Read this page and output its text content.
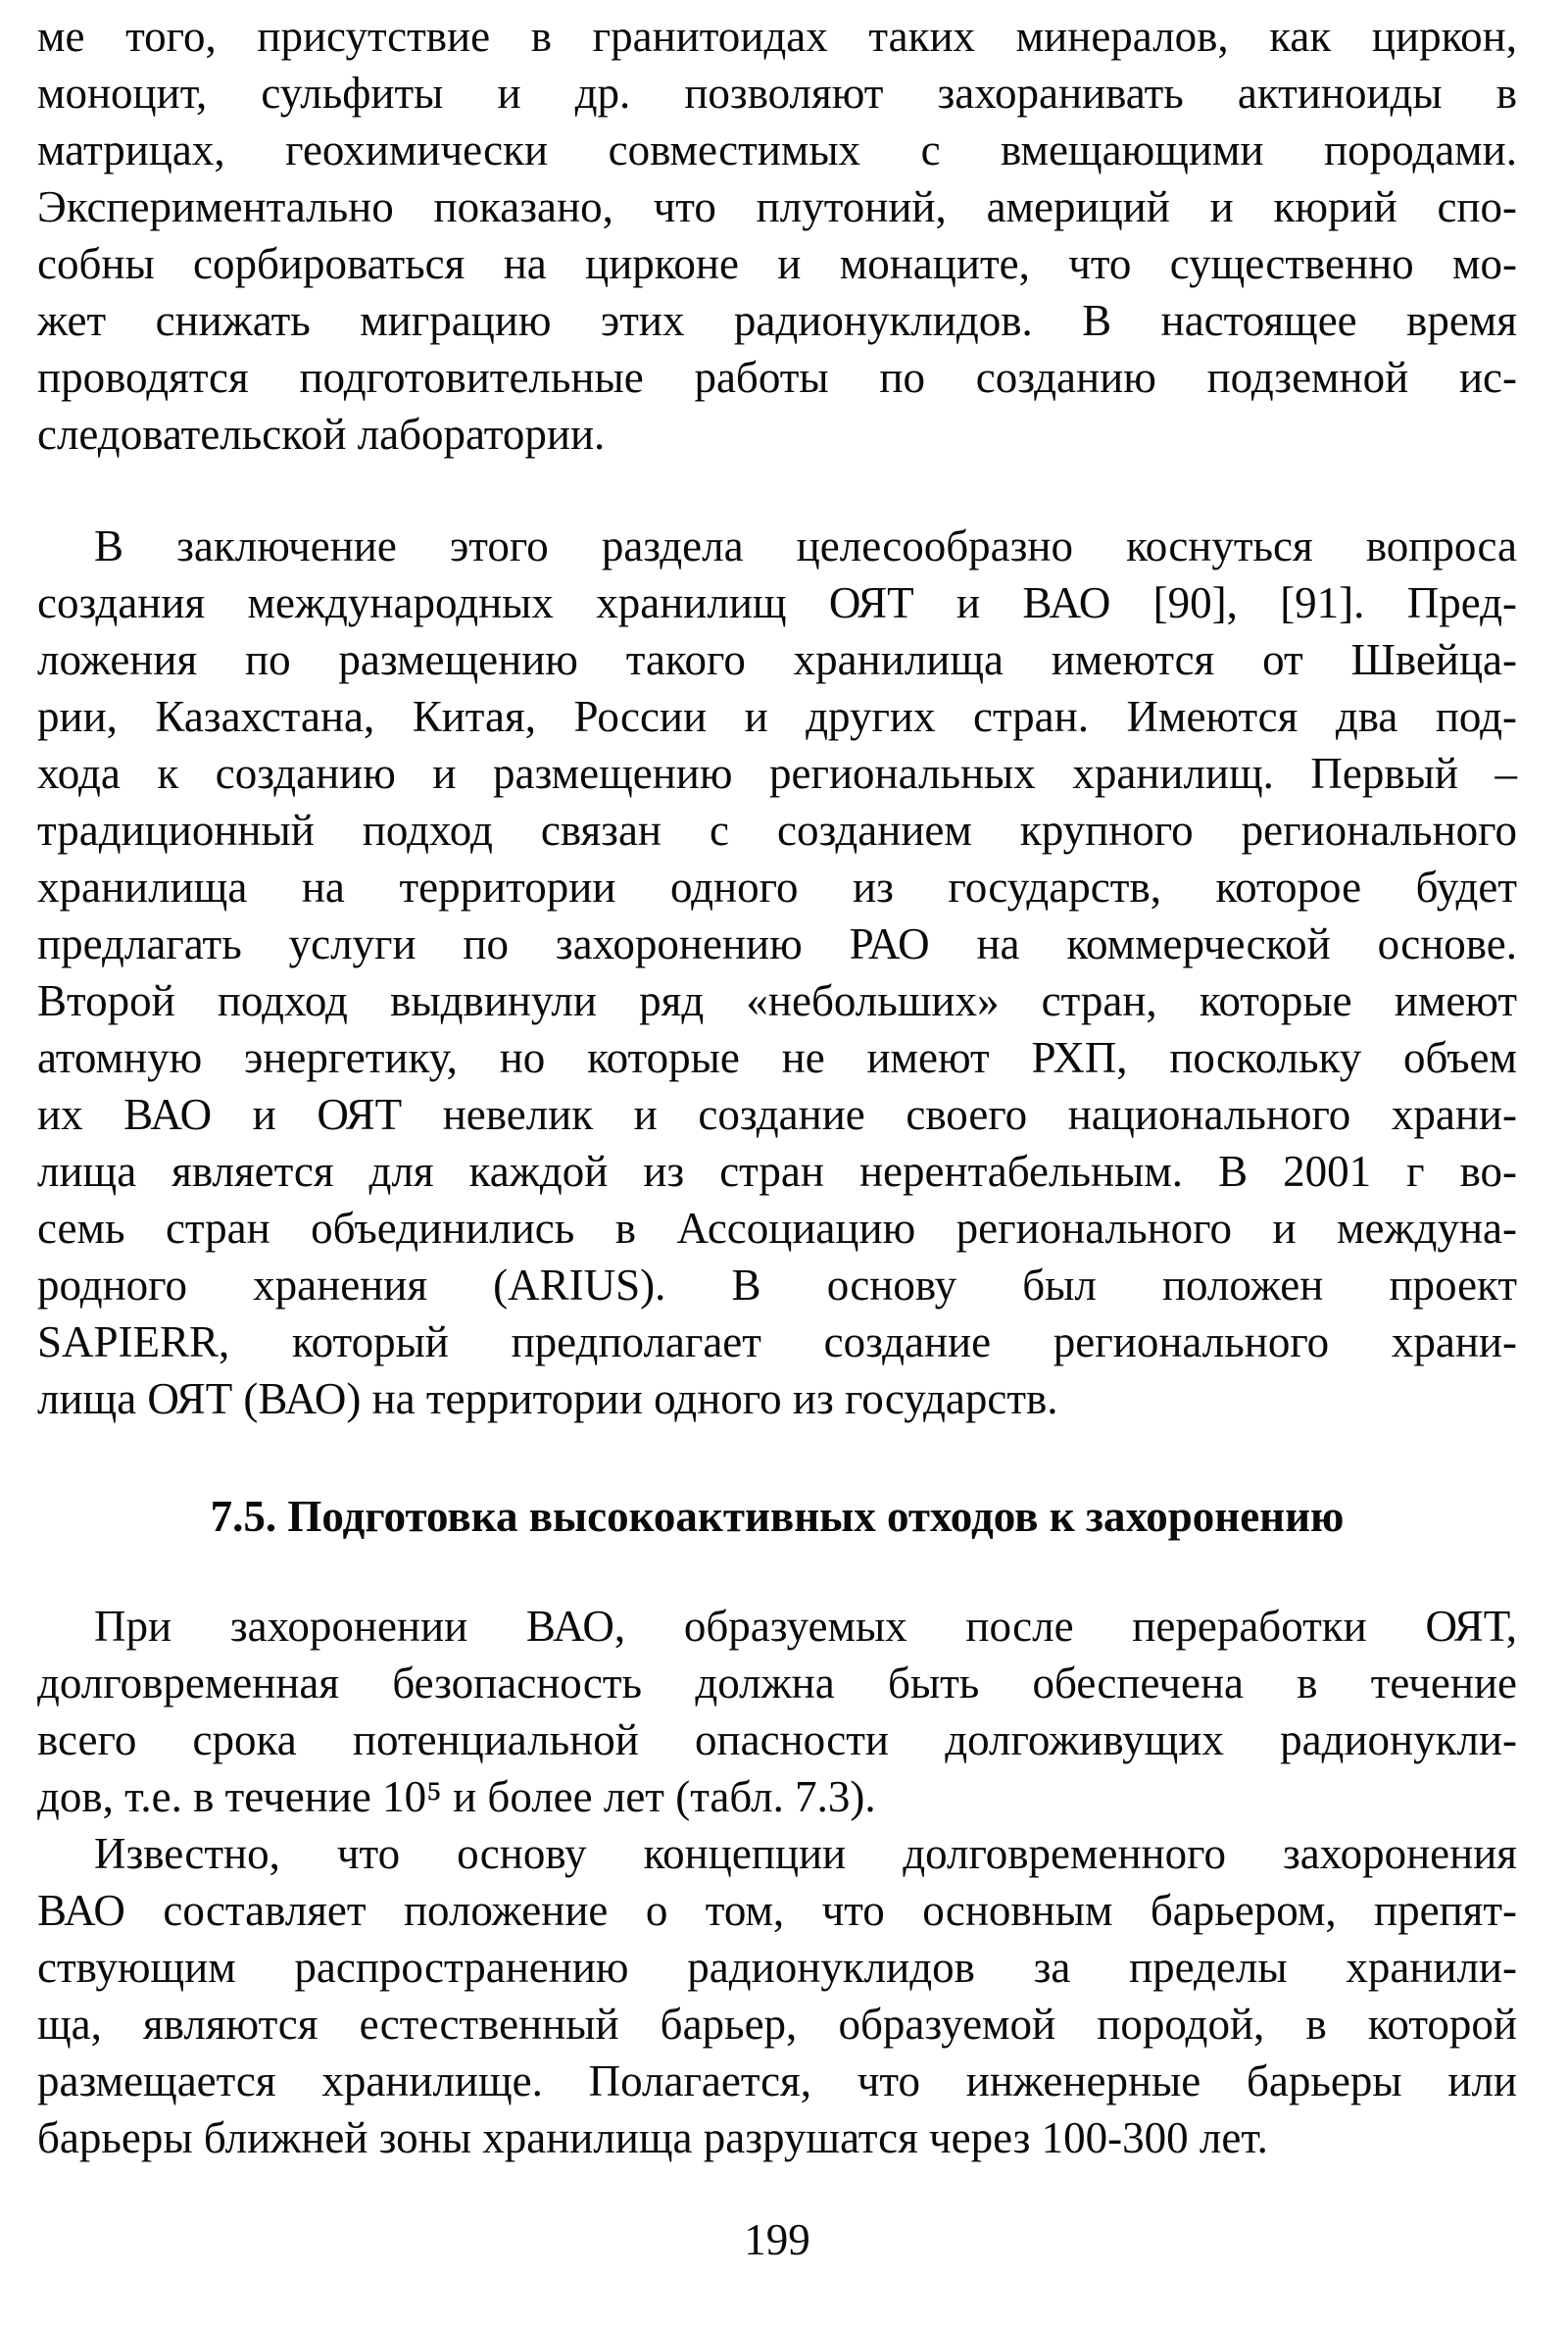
ме того, присутствие в гранитоидах таких минералов, как циркон,
моноцит, сульфиты и др. позволяют захоранивать актиноиды в
матрицах, геохимически совместимых с вмещающими породами.
Экспериментально показано, что плутоний, америций и кюрий спо-
собны сорбироваться на цирконе и монаците, что существенно мо-
жет снижать миграцию этих радионуклидов. В настоящее время
проводятся подготовительные работы по созданию подземной ис-
следовательской лаборатории.
В заключение этого раздела целесообразно коснуться вопроса
создания международных хранилищ ОЯТ и ВАО [90], [91]. Пред-
ложения по размещению такого хранилища имеются от Швейца-
рии, Казахстана, Китая, России и других стран. Имеются два под-
хода к созданию и размещению региональных хранилищ. Первый –
традиционный подход связан с созданием крупного регионального
хранилища на территории одного из государств, которое будет
предлагать услуги по захоронению РАО на коммерческой основе.
Второй подход выдвинули ряд «небольших» стран, которые имеют
атомную энергетику, но которые не имеют РХП, поскольку объем
их ВАО и ОЯТ невелик и создание своего национального храни-
лища является для каждой из стран нерентабельным. В 2001 г во-
семь стран объединились в Ассоциацию регионального и междуна-
родного хранения (ARIUS). В основу был положен проект
SAPIERR, который предполагает создание регионального храни-
лища ОЯТ (ВАО) на территории одного из государств.
7.5. Подготовка высокоактивных отходов к захоронению
При захоронении ВАО, образуемых после переработки ОЯТ,
долговременная безопасность должна быть обеспечена в течение
всего срока потенциальной опасности долгоживущих радионукли-
дов, т.е. в течение 10⁵ и более лет (табл. 7.3).
Известно, что основу концепции долговременного захоронения
ВАО составляет положение о том, что основным барьером, препят-
ствующим распространению радионуклидов за пределы хранили-
ща, являются естественный барьер, образуемой породой, в которой
размещается хранилище. Полагается, что инженерные барьеры или
барьеры ближней зоны хранилища разрушатся через 100-300 лет.
199
